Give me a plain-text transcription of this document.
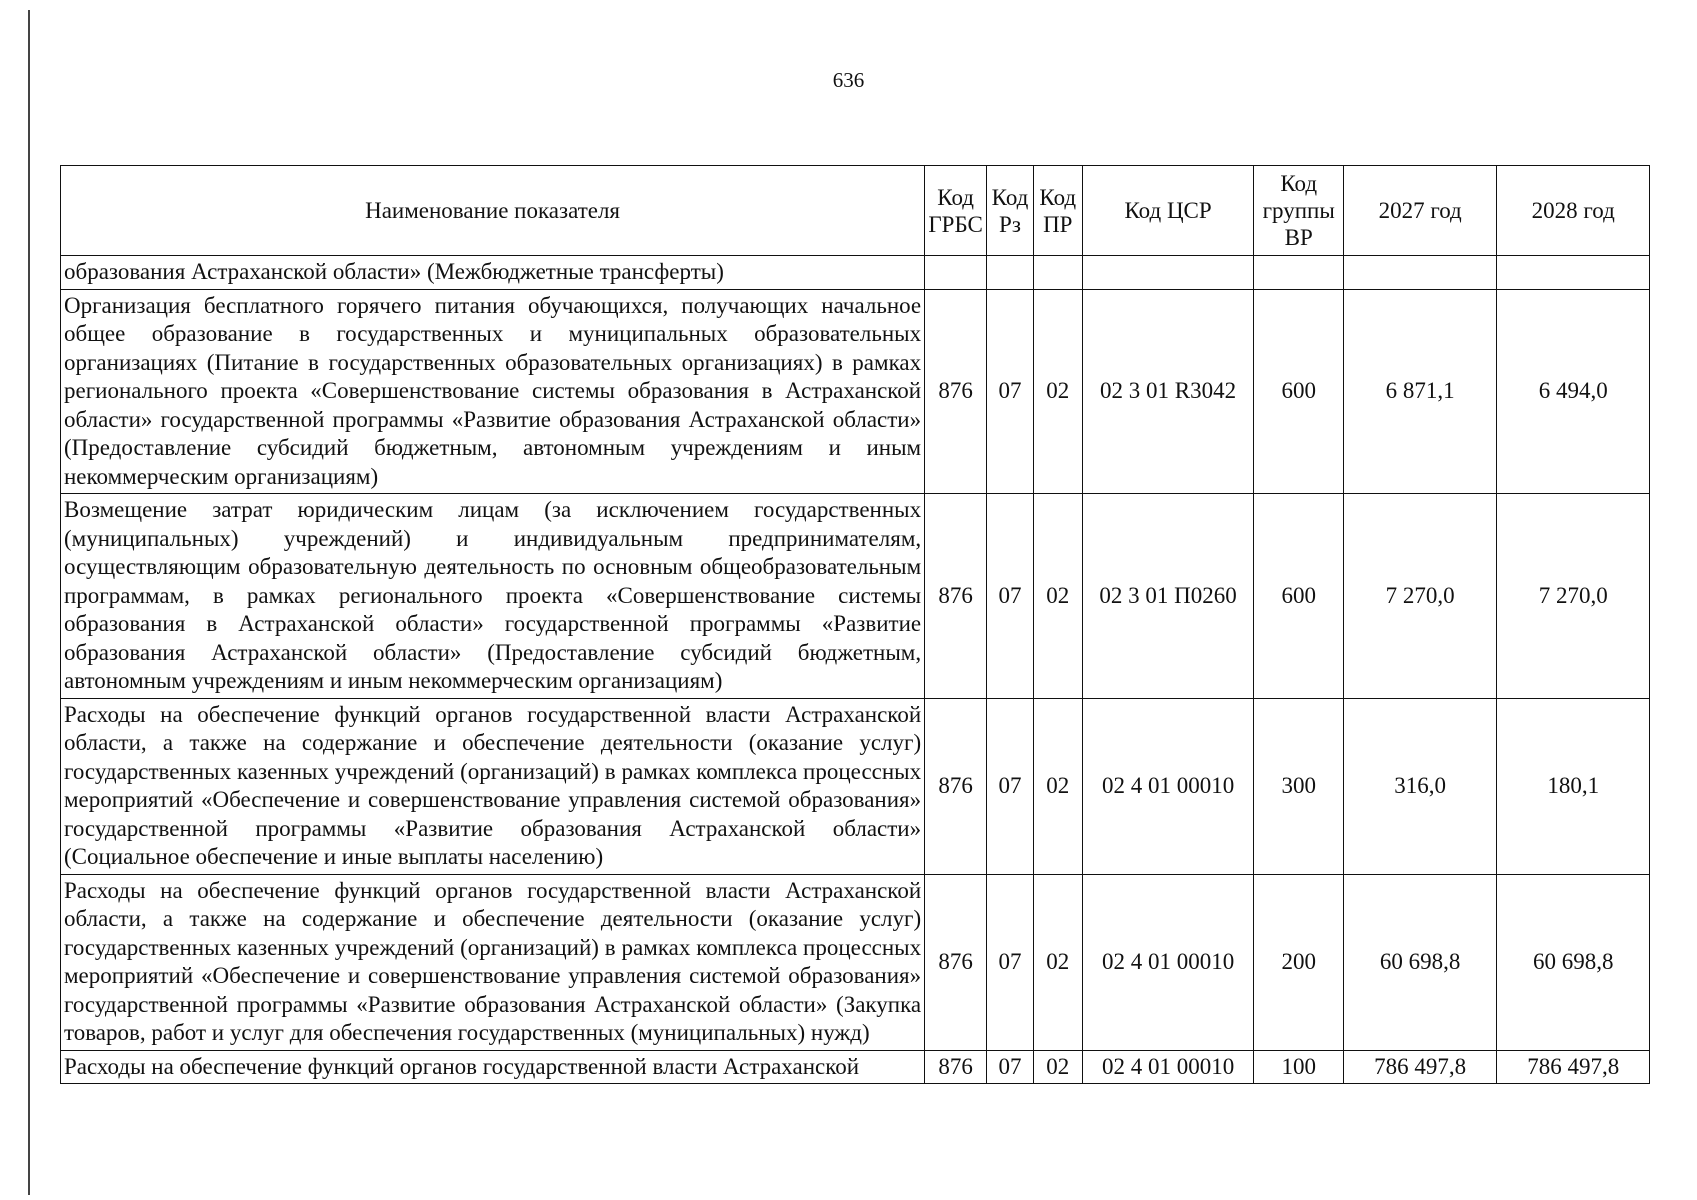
636
Наименование показателя	Код ГРБС	Код Рз	Код ПР	Код ЦСР	Код группы ВР	2027 год	2028 год
образования Астраханской области» (Межбюджетные трансферты)							
Организация бесплатного горячего питания обучающихся, получающих начальное общее образование в государственных и муниципальных образовательных организациях (Питание в государственных образовательных организациях) в рамках регионального проекта «Совершенствование системы образования в Астраханской области» государственной программы «Развитие образования Астраханской области» (Предоставление субсидий бюджетным, автономным учреждениям и иным некоммерческим организациям)	876	07	02	02 3 01 R3042	600	6 871,1	6 494,0
Возмещение затрат юридическим лицам (за исключением государственных (муниципальных) учреждений) и индивидуальным предпринимателям, осуществляющим образовательную деятельность по основным общеобразовательным программам, в рамках регионального проекта «Совершенствование системы образования в Астраханской области» государственной программы «Развитие образования Астраханской области» (Предоставление субсидий бюджетным, автономным учреждениям и иным некоммерческим организациям)	876	07	02	02 3 01 П0260	600	7 270,0	7 270,0
Расходы на обеспечение функций органов государственной власти Астраханской области, а также на содержание и обеспечение деятельности (оказание услуг) государственных казенных учреждений (организаций) в рамках комплекса процессных мероприятий «Обеспечение и совершенствование управления системой образования» государственной программы «Развитие образования Астраханской области» (Социальное обеспечение и иные выплаты населению)	876	07	02	02 4 01 00010	300	316,0	180,1
Расходы на обеспечение функций органов государственной власти Астраханской области, а также на содержание и обеспечение деятельности (оказание услуг) государственных казенных учреждений (организаций) в рамках комплекса процессных мероприятий «Обеспечение и совершенствование управления системой образования» государственной программы «Развитие образования Астраханской области» (Закупка товаров, работ и услуг для обеспечения государственных (муниципальных) нужд)	876	07	02	02 4 01 00010	200	60 698,8	60 698,8
Расходы на обеспечение функций органов государственной власти Астраханской	876	07	02	02 4 01 00010	100	786 497,8	786 497,8
